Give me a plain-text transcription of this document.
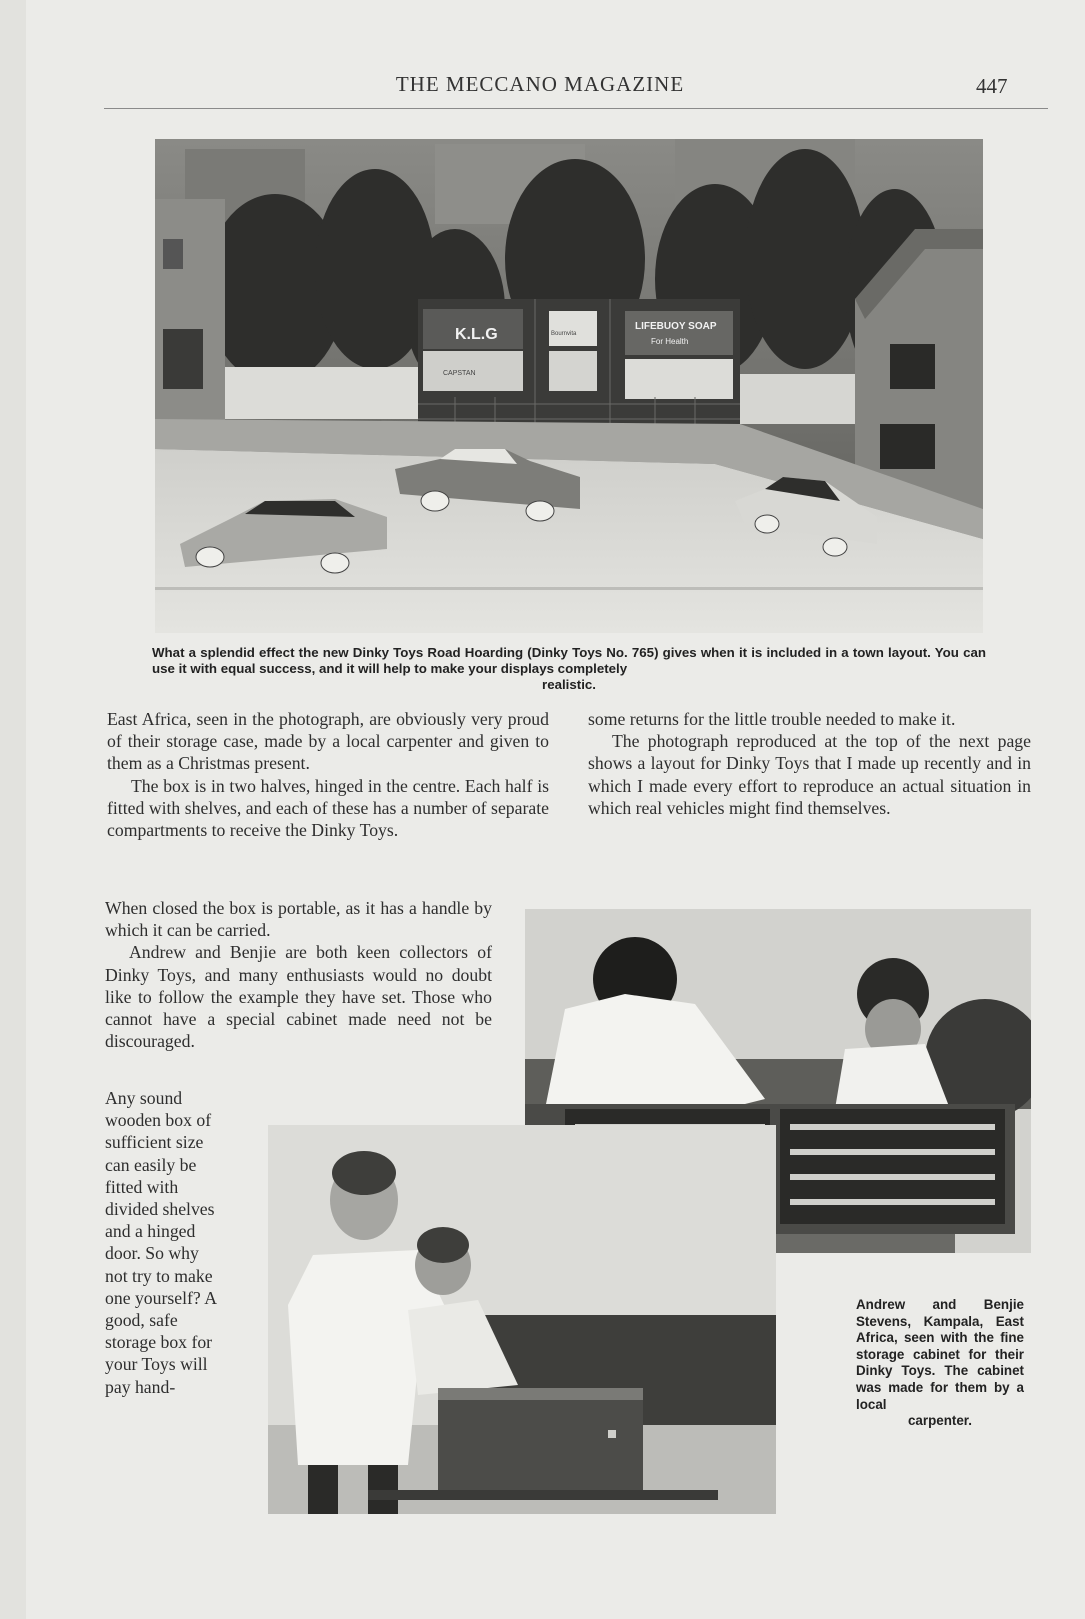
THE MECCANO MAGAZINE	447
K.L.G	LIFEBUOY SOAP
For Health
CAPSTAN
Bournvita
What a splendid effect the new Dinky Toys Road Hoarding (Dinky Toys No. 765) gives when it is included in a town layout. You can use it with equal success, and it will help to make your displays completely
realistic.

East Africa, seen in the photograph, are obviously very proud of their storage case, made by a local carpenter and given to them as a Christmas present.

The box is in two halves, hinged in the centre. Each half is fitted with shelves, and each of these has a number of separate compartments to receive the Dinky Toys.

When closed the box is portable, as it has a handle by which it can be carried.

Andrew and Benjie are both keen collectors of Dinky Toys, and many enthusiasts would no doubt like to follow the example they have set. Those who cannot have a special cabinet made need not be discouraged.

Any sound wooden box of sufficient size can easily be fitted with divided shelves and a hinged door. So why not try to make one yourself? A good, safe storage box for your Toys will pay hand-

some returns for the little trouble needed to make it.

The photograph reproduced at the top of the next page shows a layout for Dinky Toys that I made up recently and in which I made every effort to reproduce an actual situation in which real vehicles might find themselves.

Andrew and Benjie Stevens, Kampala, East Africa, seen with the fine storage cabinet for their Dinky Toys. The cabinet was made for them by a local
carpenter.
